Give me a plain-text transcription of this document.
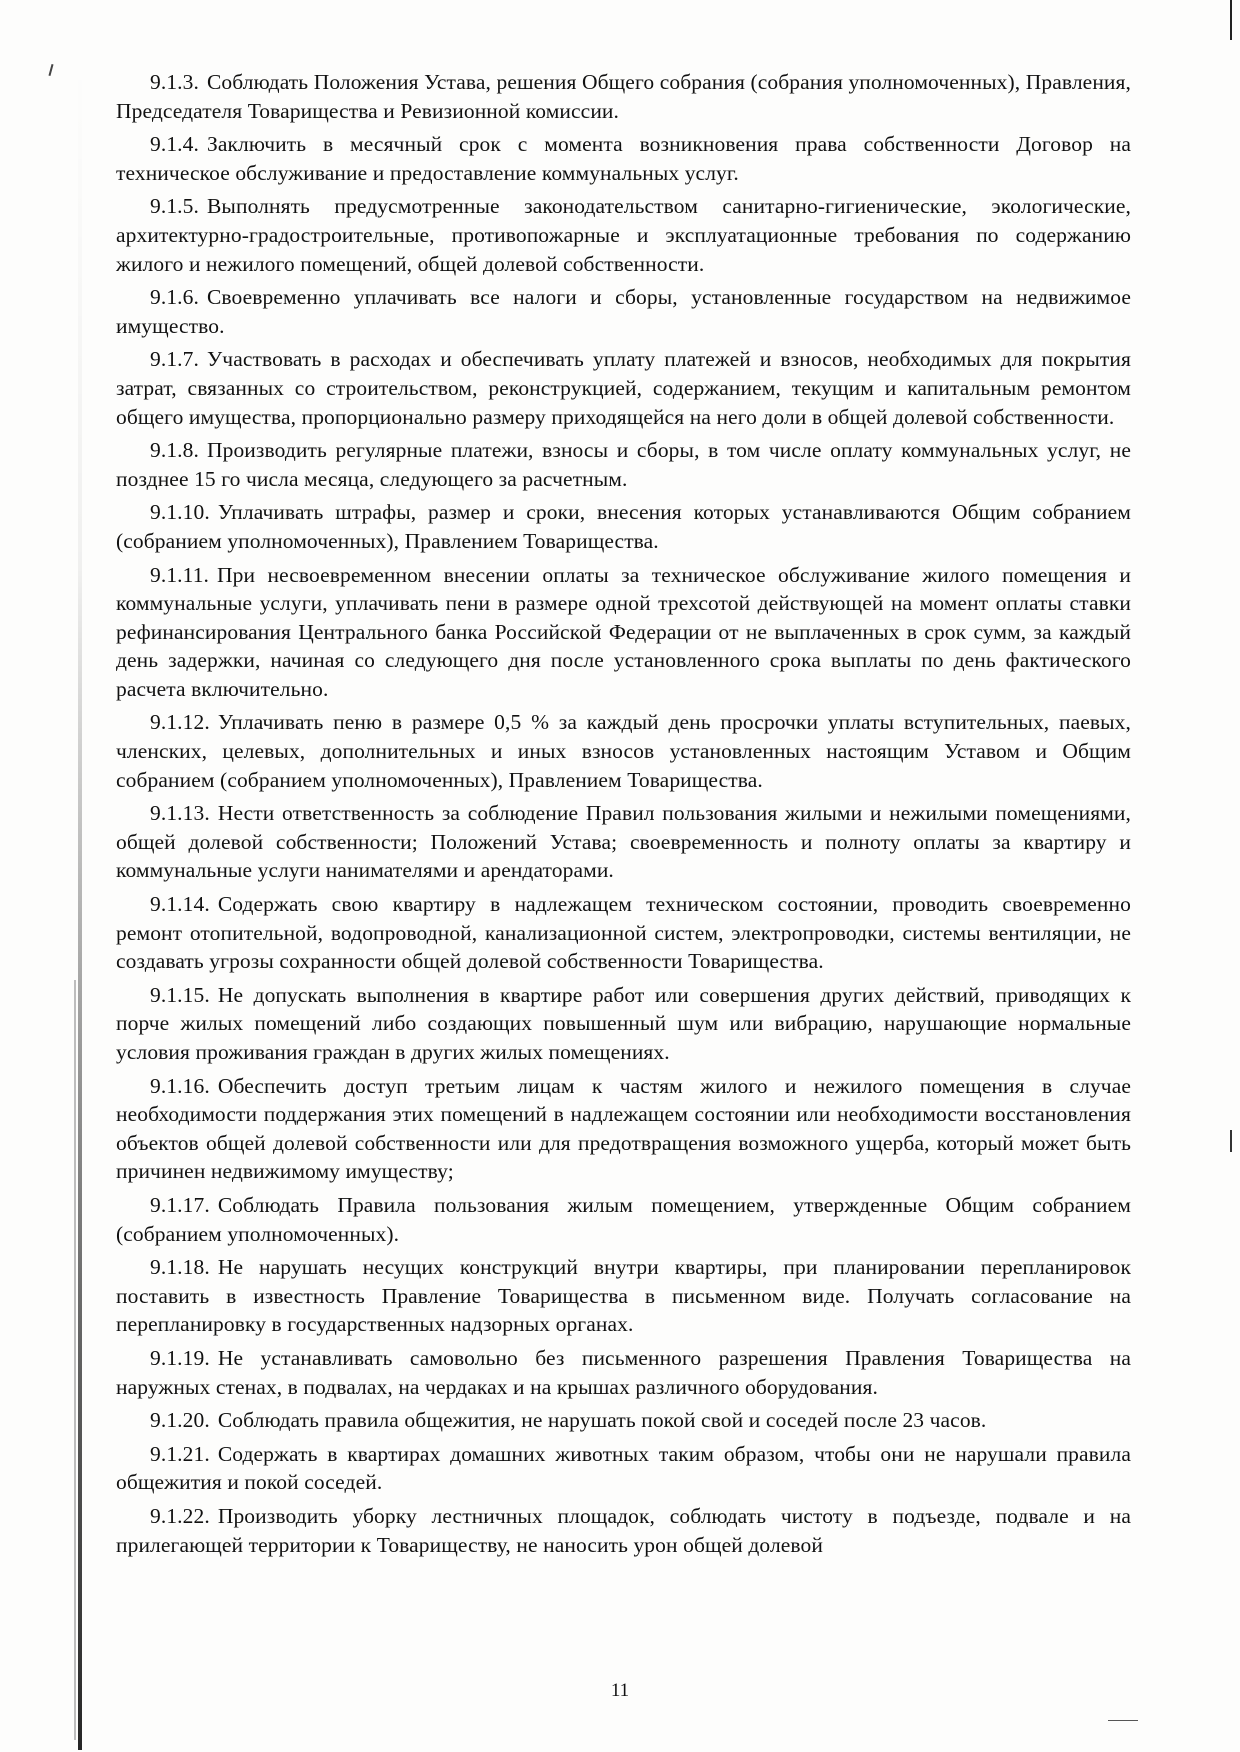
9.1.3. Соблюдать Положения Устава, решения Общего собрания (собрания уполномоченных), Правления, Председателя Товарищества и Ревизионной комиссии.

9.1.4. Заключить в месячный срок с момента возникновения права собственности Договор на техническое обслуживание и предоставление коммунальных услуг.

9.1.5. Выполнять предусмотренные законодательством санитарно-гигиенические, экологические, архитектурно-градостроительные, противопожарные и эксплуатационные требования по содержанию жилого и нежилого помещений, общей долевой собственности.

9.1.6. Своевременно уплачивать все налоги и сборы, установленные государством на недвижимое имущество.

9.1.7. Участвовать в расходах и обеспечивать уплату платежей и взносов, необходимых для покрытия затрат, связанных со строительством, реконструкцией, содержанием, текущим и капитальным ремонтом общего имущества, пропорционально размеру приходящейся на него доли в общей долевой собственности.

9.1.8. Производить регулярные платежи, взносы и сборы, в том числе оплату коммунальных услуг, не позднее 15 го числа месяца, следующего за расчетным.

9.1.10. Уплачивать штрафы, размер и сроки, внесения которых устанавливаются Общим собранием (собранием уполномоченных), Правлением Товарищества.

9.1.11. При несвоевременном внесении оплаты за техническое обслуживание жилого помещения и коммунальные услуги, уплачивать пени в размере одной трехсотой действующей на момент оплаты ставки рефинансирования Центрального банка Российской Федерации от не выплаченных в срок сумм, за каждый день задержки, начиная со следующего дня после установленного срока выплаты по день фактического расчета включительно.

9.1.12. Уплачивать пеню в размере 0,5 % за каждый день просрочки уплаты вступительных, паевых, членских, целевых, дополнительных и иных взносов установленных настоящим Уставом и Общим собранием (собранием уполномоченных), Правлением Товарищества.

9.1.13. Нести ответственность за соблюдение Правил пользования жилыми и нежилыми помещениями, общей долевой собственности; Положений Устава; своевременность и полноту оплаты за квартиру и коммунальные услуги нанимателями и арендаторами.

9.1.14. Содержать свою квартиру в надлежащем техническом состоянии, проводить своевременно ремонт отопительной, водопроводной, канализационной систем, электропроводки, системы вентиляции, не создавать угрозы сохранности общей долевой собственности Товарищества.

9.1.15. Не допускать выполнения в квартире работ или совершения других действий, приводящих к порче жилых помещений либо создающих повышенный шум или вибрацию, нарушающие нормальные условия проживания граждан в других жилых помещениях.

9.1.16. Обеспечить доступ третьим лицам к частям жилого и нежилого помещения в случае необходимости поддержания этих помещений в надлежащем состоянии или необходимости восстановления объектов общей долевой собственности или для предотвращения возможного ущерба, который может быть причинен недвижимому имуществу;

9.1.17. Соблюдать Правила пользования жилым помещением, утвержденные Общим собранием (собранием уполномоченных).

9.1.18. Не нарушать несущих конструкций внутри квартиры, при планировании перепланировок поставить в известность Правление Товарищества в письменном виде. Получать согласование на перепланировку в государственных надзорных органах.

9.1.19. Не устанавливать самовольно без письменного разрешения Правления Товарищества на наружных стенах, в подвалах, на чердаках и на крышах различного оборудования.

9.1.20. Соблюдать правила общежития, не нарушать покой свой и соседей после 23 часов.

9.1.21. Содержать в квартирах домашних животных таким образом, чтобы они не нарушали правила общежития и покой соседей.

9.1.22. Производить уборку лестничных площадок, соблюдать чистоту в подъезде, подвале и на прилегающей территории к Товариществу, не наносить урон общей долевой

11
